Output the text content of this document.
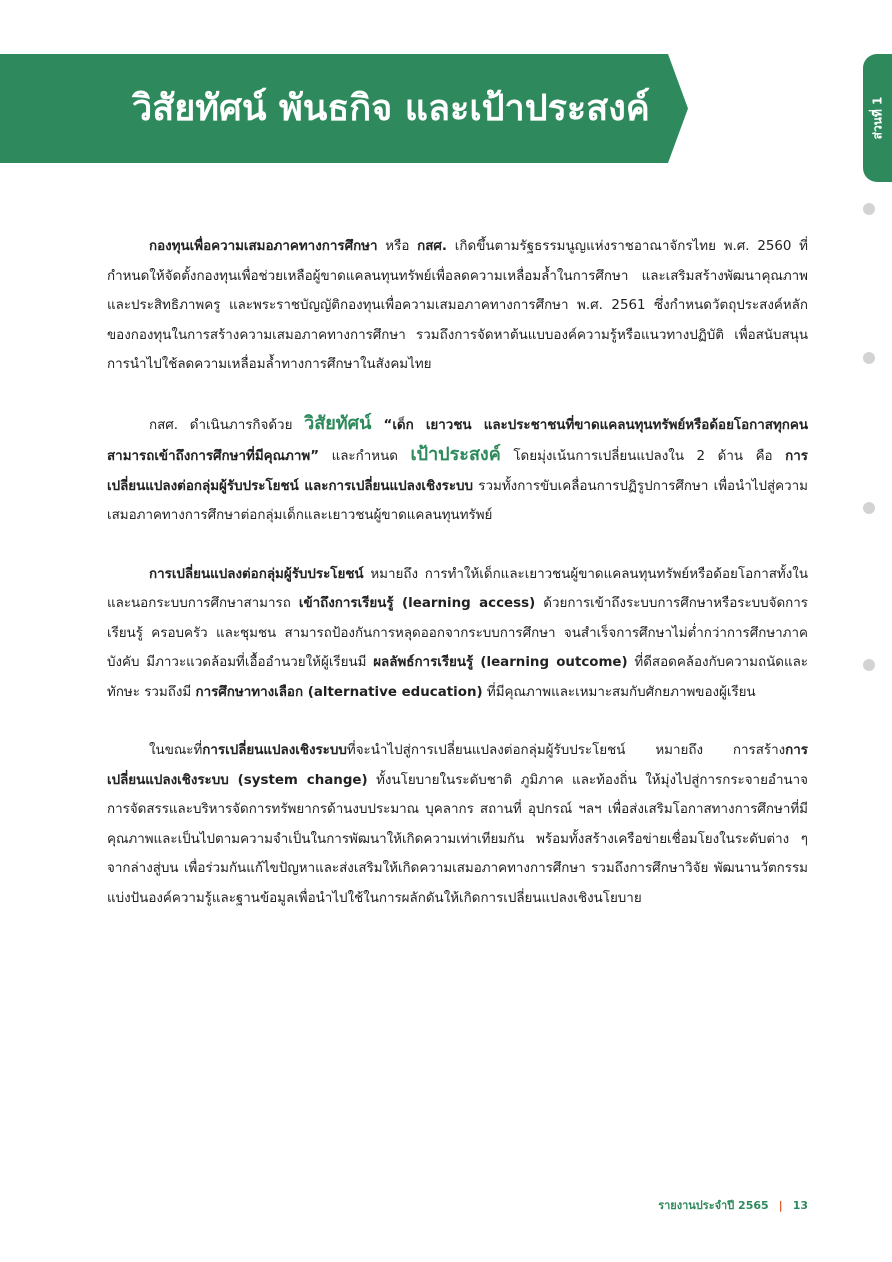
วิสัยทัศน์ พันธกิจ และเป้าประสงค์	ส่วนที่ 1

กองทุนเพื่อความเสมอภาคทางการศึกษา หรือ กสศ. เกิดขึ้นตามรัฐธรรมนูญแห่งราชอาณาจักรไทย พ.ศ. 2560 ที่กำหนดให้จัดตั้งกองทุนเพื่อช่วยเหลือผู้ขาดแคลนทุนทรัพย์เพื่อลดความเหลื่อมล้ำในการศึกษา และเสริมสร้างพัฒนาคุณภาพและประสิทธิภาพครู และพระราชบัญญัติกองทุนเพื่อความเสมอภาคทางการศึกษา พ.ศ. 2561 ซึ่งกำหนดวัตถุประสงค์หลักของกองทุนในการสร้างความเสมอภาคทางการศึกษา รวมถึงการจัดหาต้นแบบองค์ความรู้หรือแนวทางปฏิบัติ เพื่อสนับสนุนการนำไปใช้ลดความเหลื่อมล้ำทางการศึกษาในสังคมไทย

กสศ. ดำเนินภารกิจด้วย วิสัยทัศน์ “เด็ก เยาวชน และประชาชนที่ขาดแคลนทุนทรัพย์หรือด้อยโอกาสทุกคนสามารถเข้าถึงการศึกษาที่มีคุณภาพ” และกำหนด เป้าประสงค์ โดยมุ่งเน้นการเปลี่ยนแปลงใน 2 ด้าน คือ การเปลี่ยนแปลงต่อกลุ่มผู้รับประโยชน์ และการเปลี่ยนแปลงเชิงระบบ รวมทั้งการขับเคลื่อนการปฏิรูปการศึกษา เพื่อนำไปสู่ความเสมอภาคทางการศึกษาต่อกลุ่มเด็กและเยาวชนผู้ขาดแคลนทุนทรัพย์

การเปลี่ยนแปลงต่อกลุ่มผู้รับประโยชน์ หมายถึง การทำให้เด็กและเยาวชนผู้ขาดแคลนทุนทรัพย์หรือด้อยโอกาสทั้งในและนอกระบบการศึกษาสามารถ เข้าถึงการเรียนรู้ (learning access) ด้วยการเข้าถึงระบบการศึกษาหรือระบบจัดการเรียนรู้ ครอบครัว และชุมชน สามารถป้องกันการหลุดออกจากระบบการศึกษา จนสำเร็จการศึกษาไม่ต่ำกว่าการศึกษาภาคบังคับ มีภาวะแวดล้อมที่เอื้ออำนวยให้ผู้เรียนมี ผลลัพธ์การเรียนรู้ (learning outcome) ที่ดีสอดคล้องกับความถนัดและทักษะ รวมถึงมี การศึกษาทางเลือก (alternative education) ที่มีคุณภาพและเหมาะสมกับศักยภาพของผู้เรียน

ในขณะที่การเปลี่ยนแปลงเชิงระบบที่จะนำไปสู่การเปลี่ยนแปลงต่อกลุ่มผู้รับประโยชน์ หมายถึง การสร้างการเปลี่ยนแปลงเชิงระบบ (system change) ทั้งนโยบายในระดับชาติ ภูมิภาค และท้องถิ่น ให้มุ่งไปสู่การกระจายอำนาจ การจัดสรรและบริหารจัดการทรัพยากรด้านงบประมาณ บุคลากร สถานที่ อุปกรณ์ ฯลฯ เพื่อส่งเสริมโอกาสทางการศึกษาที่มีคุณภาพและเป็นไปตามความจำเป็นในการพัฒนาให้เกิดความเท่าเทียมกัน พร้อมทั้งสร้างเครือข่ายเชื่อมโยงในระดับต่าง ๆ จากล่างสู่บน เพื่อร่วมกันแก้ไขปัญหาและส่งเสริมให้เกิดความเสมอภาคทางการศึกษา รวมถึงการศึกษาวิจัย พัฒนานวัตกรรม แบ่งปันองค์ความรู้และฐานข้อมูลเพื่อนำไปใช้ในการผลักดันให้เกิดการเปลี่ยนแปลงเชิงนโยบาย

รายงานประจำปี 2565 | 13
